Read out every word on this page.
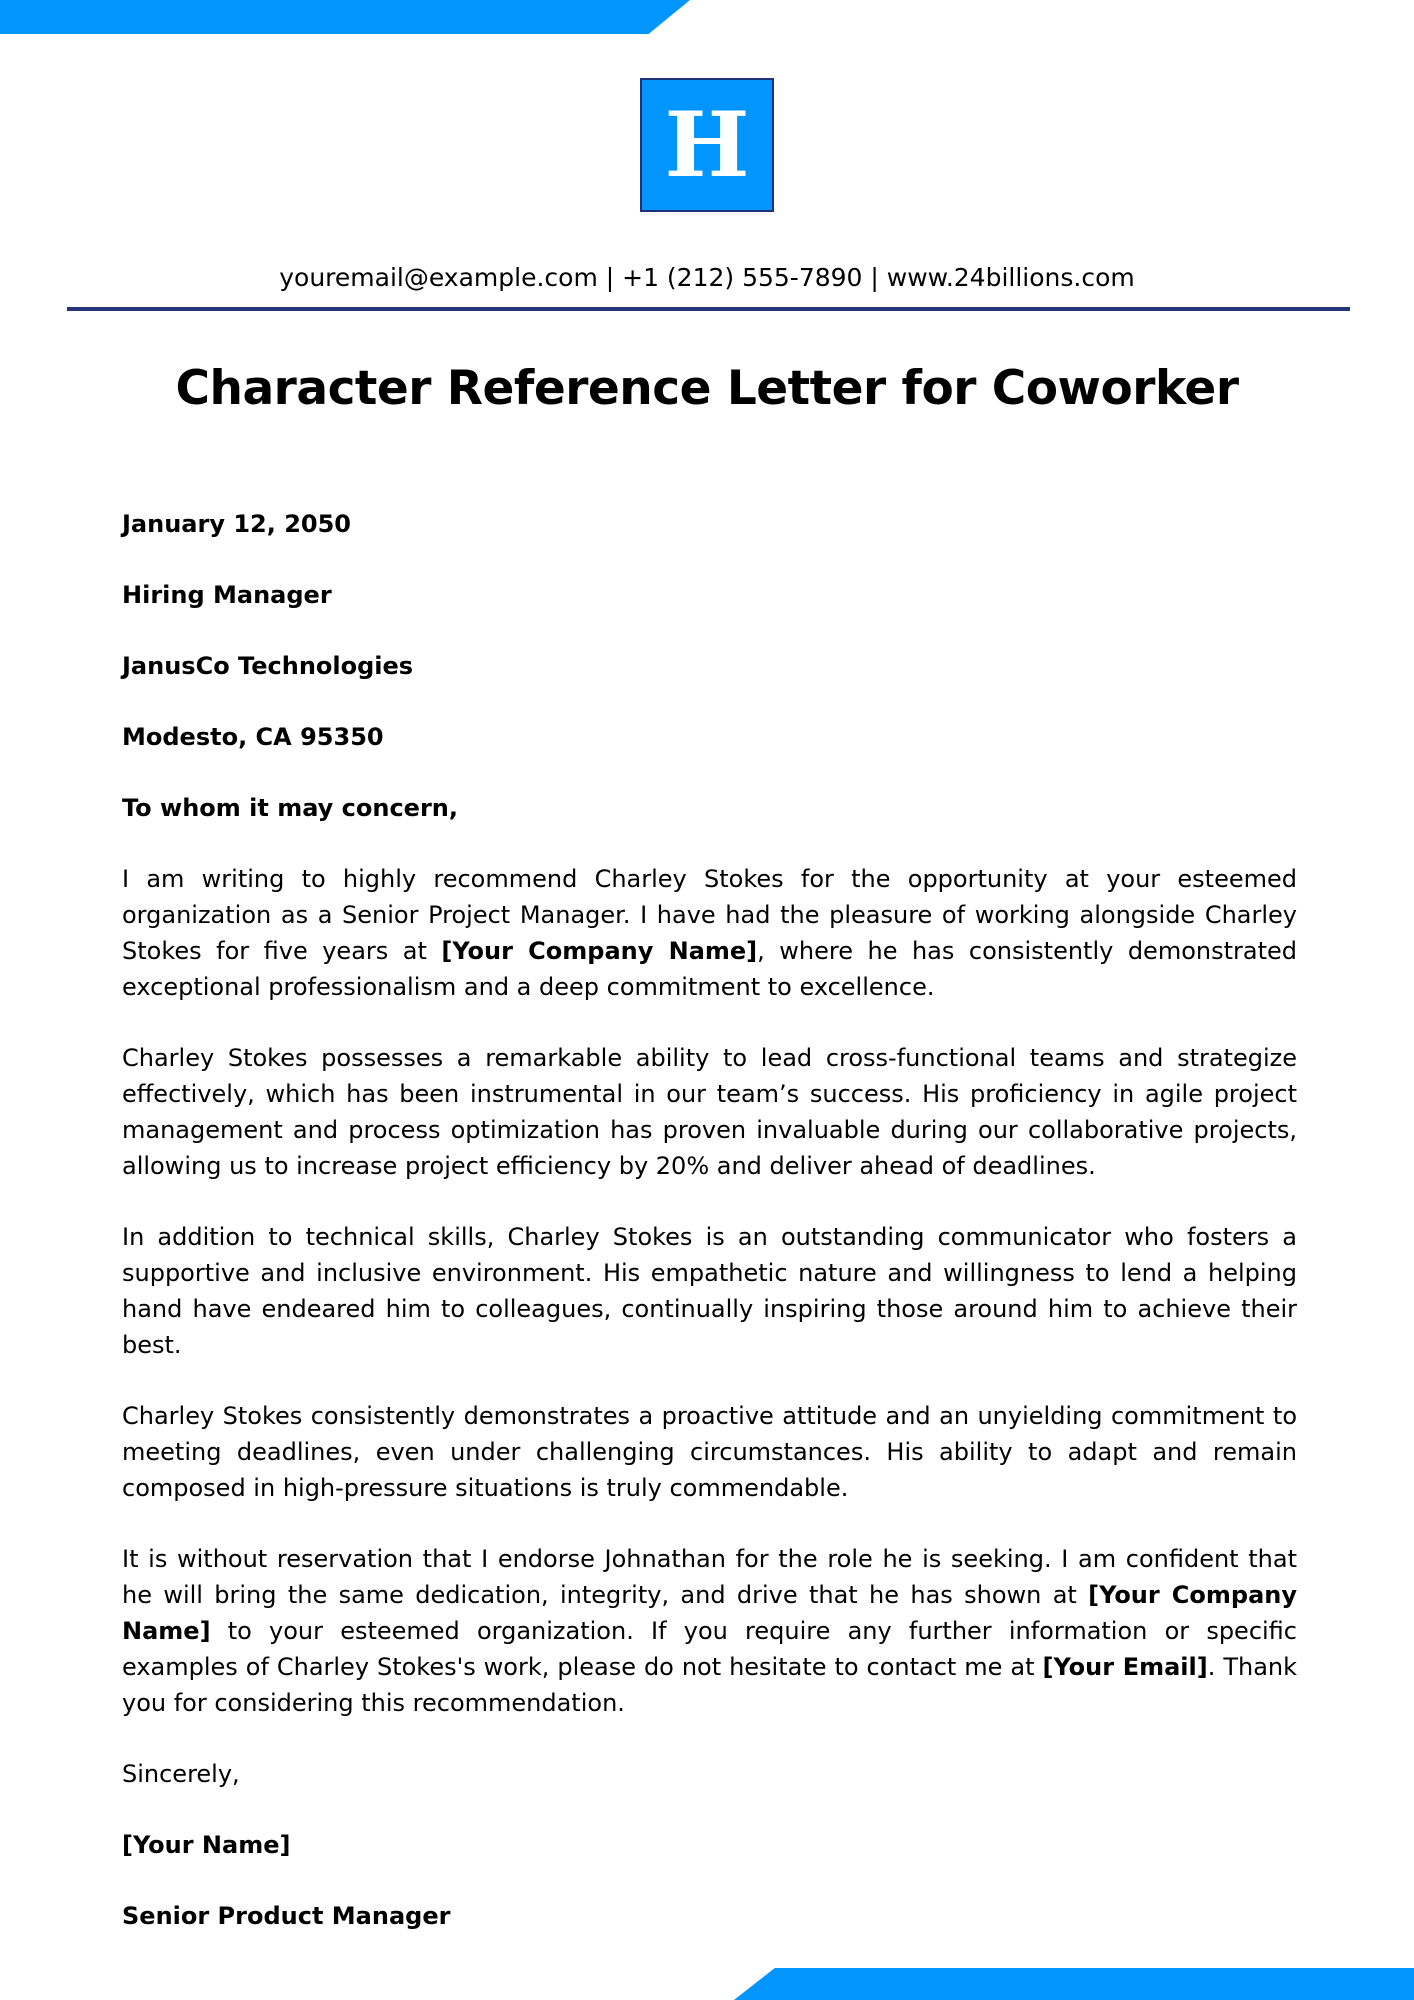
H
youremail@example.com | +1 (212) 555-7890 | www.24billions.com
Character Reference Letter for Coworker

January 12, 2050

Hiring Manager

JanusCo Technologies

Modesto, CA 95350

To whom it may concern,

I am writing to highly recommend Charley Stokes for the opportunity at your esteemed organization as a Senior Project Manager. I have had the pleasure of working alongside Charley Stokes for five years at [Your Company Name], where he has consistently demonstrated exceptional professionalism and a deep commitment to excellence.

Charley Stokes possesses a remarkable ability to lead cross-functional teams and strategize effectively, which has been instrumental in our team’s success. His proficiency in agile project management and process optimization has proven invaluable during our collaborative projects, allowing us to increase project efficiency by 20% and deliver ahead of deadlines.

In addition to technical skills, Charley Stokes is an outstanding communicator who fosters a supportive and inclusive environment. His empathetic nature and willingness to lend a helping hand have endeared him to colleagues, continually inspiring those around him to achieve their best.

Charley Stokes consistently demonstrates a proactive attitude and an unyielding commitment to meeting deadlines, even under challenging circumstances. His ability to adapt and remain composed in high-pressure situations is truly commendable.

It is without reservation that I endorse Johnathan for the role he is seeking. I am confident that he will bring the same dedication, integrity, and drive that he has shown at [Your Company Name] to your esteemed organization. If you require any further information or specific examples of Charley Stokes's work, please do not hesitate to contact me at [Your Email]. Thank you for considering this recommendation.

Sincerely,

[Your Name]

Senior Product Manager
